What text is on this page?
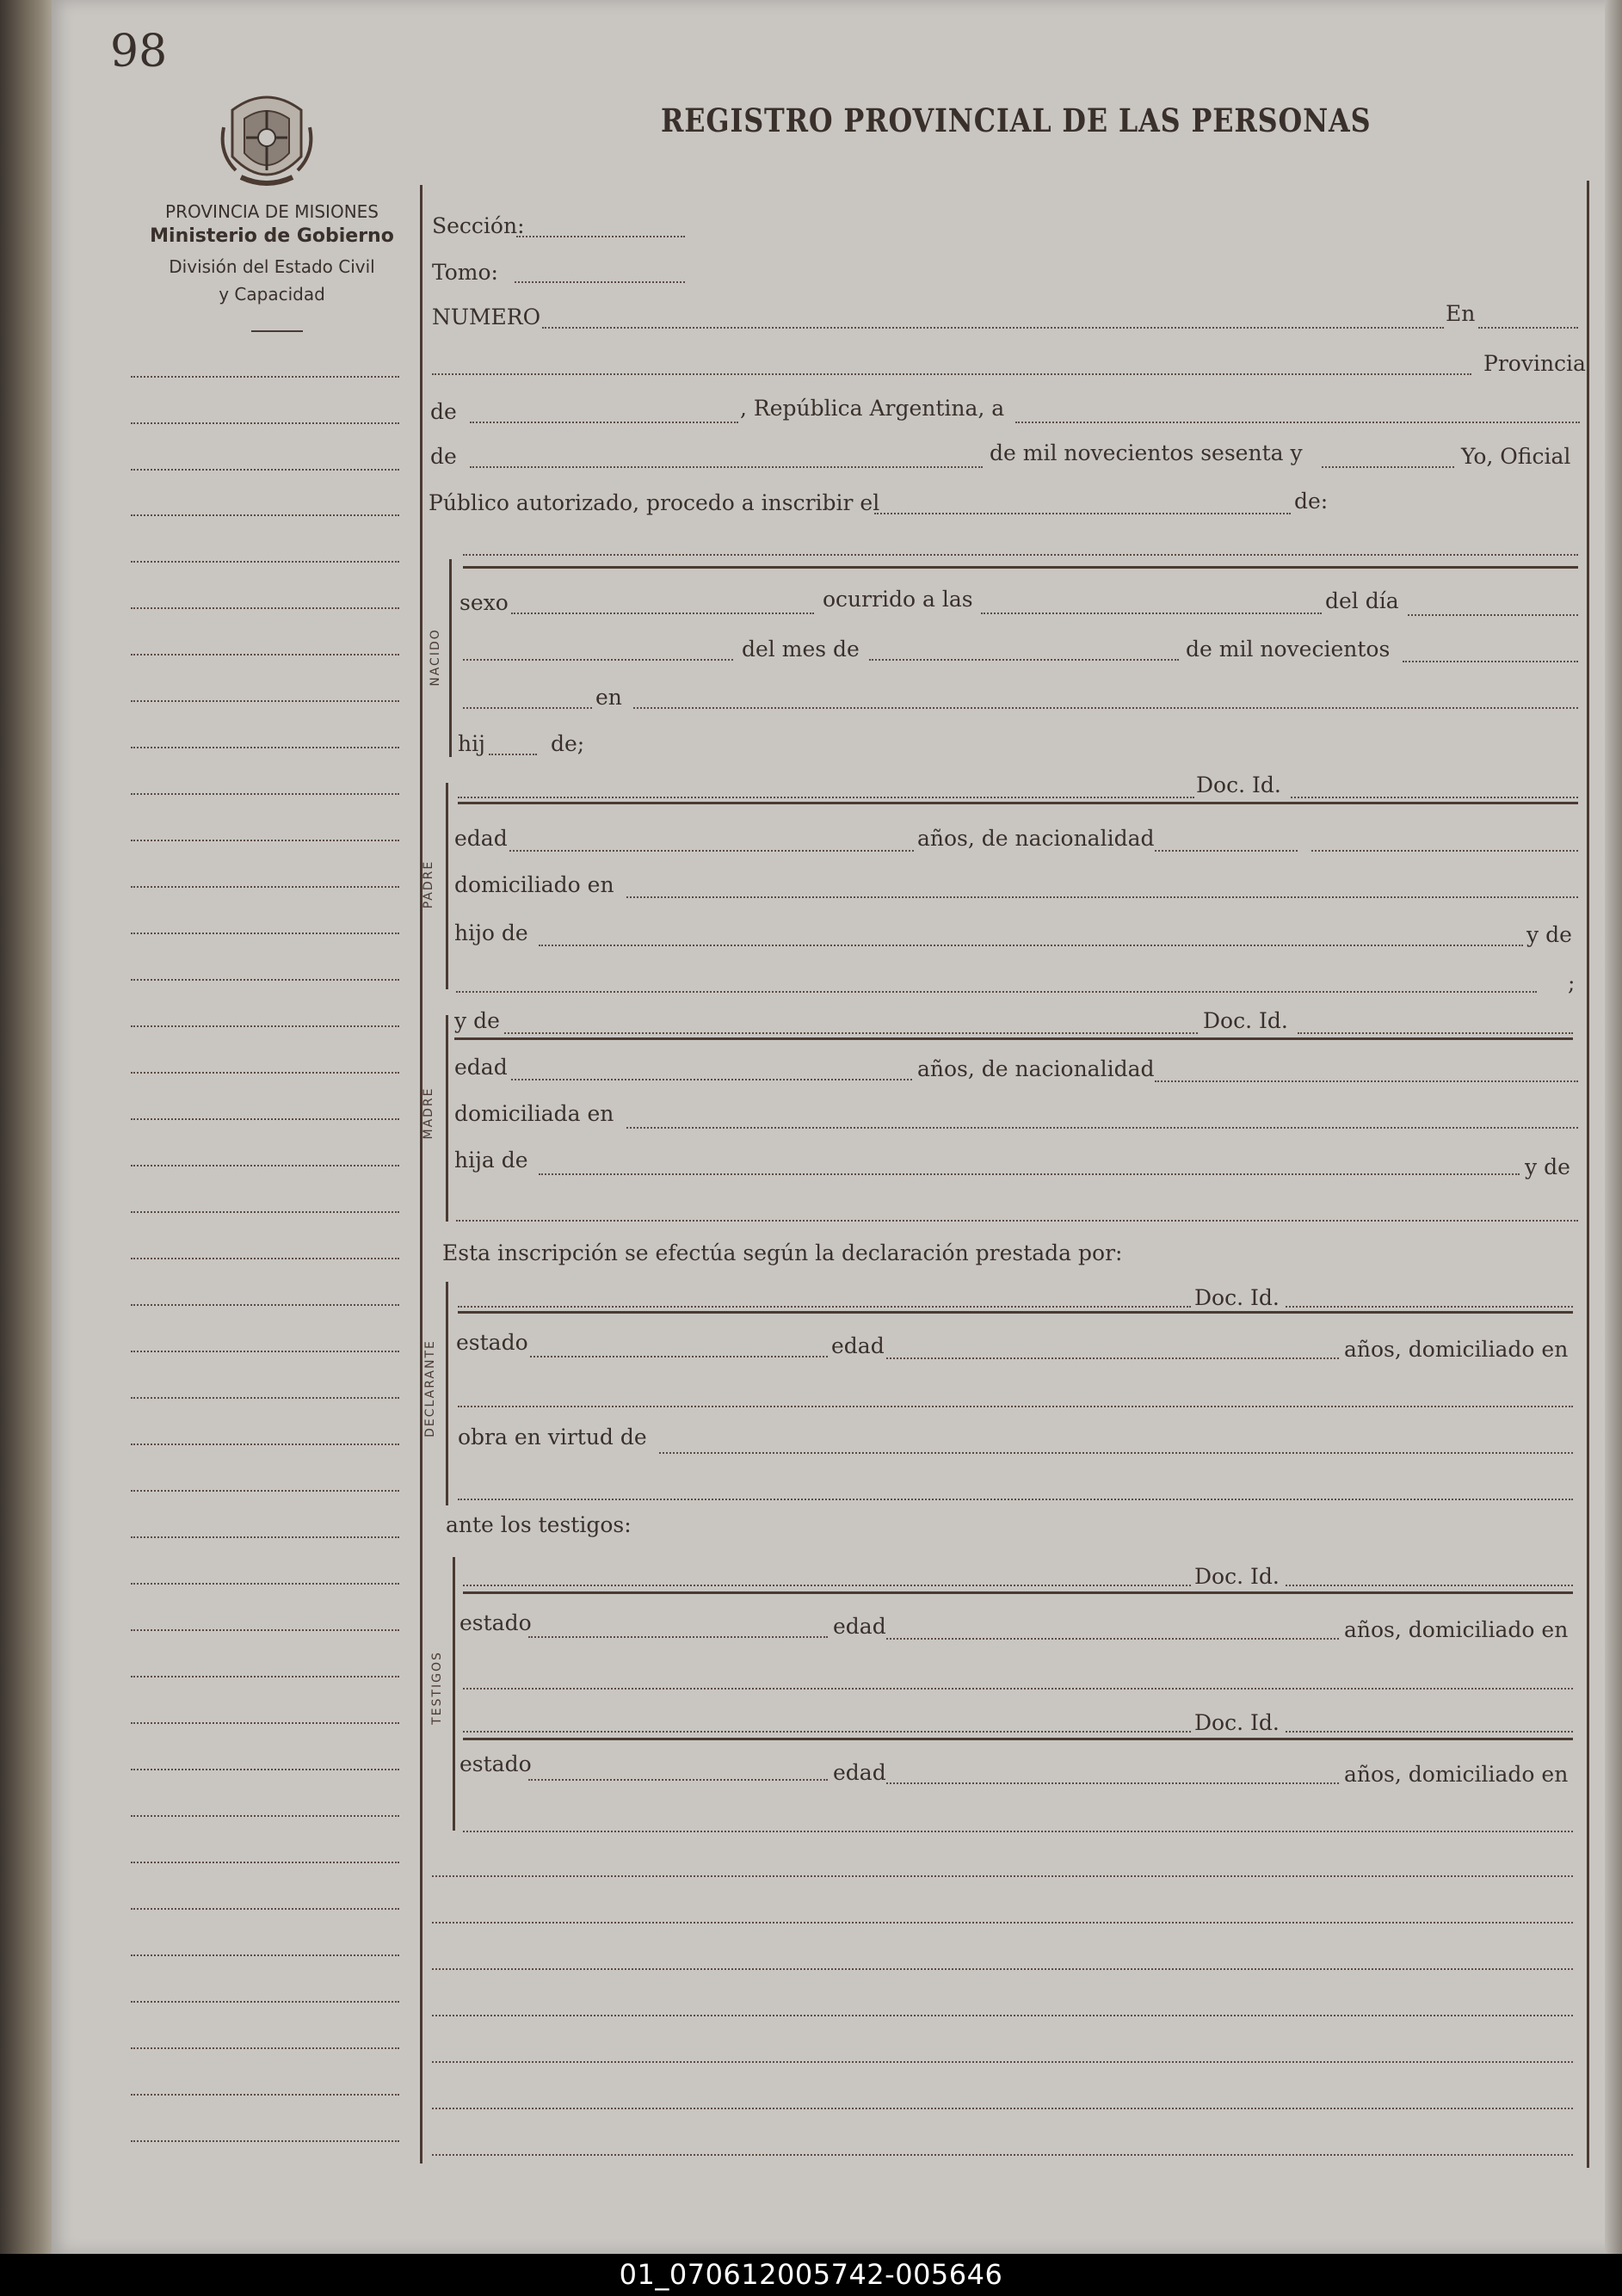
98
REGISTRO PROVINCIAL DE LAS PERSONAS
PROVINCIA DE MISIONES
Ministerio de Gobierno
División del Estado Civil
y Capacidad
Sección:
Tomo:
NUMERO	En
Provincia
de	, República Argentina, a
de	de mil novecientos sesenta y	Yo, Oficial
Público autorizado, procedo a inscribir el	de:
NACIDO
sexo	ocurrido a las	del día
del mes de	de mil novecientos
en
hij	de;
PADRE
Doc. Id.
edad	años, de nacionalidad
domiciliado en
hijo de	y de
;
MADRE
y de	Doc. Id.
edad	años, de nacionalidad
domiciliada en
hija de	y de
Esta inscripción se efectúa según la declaración prestada por:
DECLARANTE
Doc. Id.
estado	edad	años, domiciliado en
obra en virtud de
ante los testigos:
TESTIGOS
Doc. Id.
estado	edad	años, domiciliado en
Doc. Id.
estado	edad	años, domiciliado en
01_070612005742-005646
